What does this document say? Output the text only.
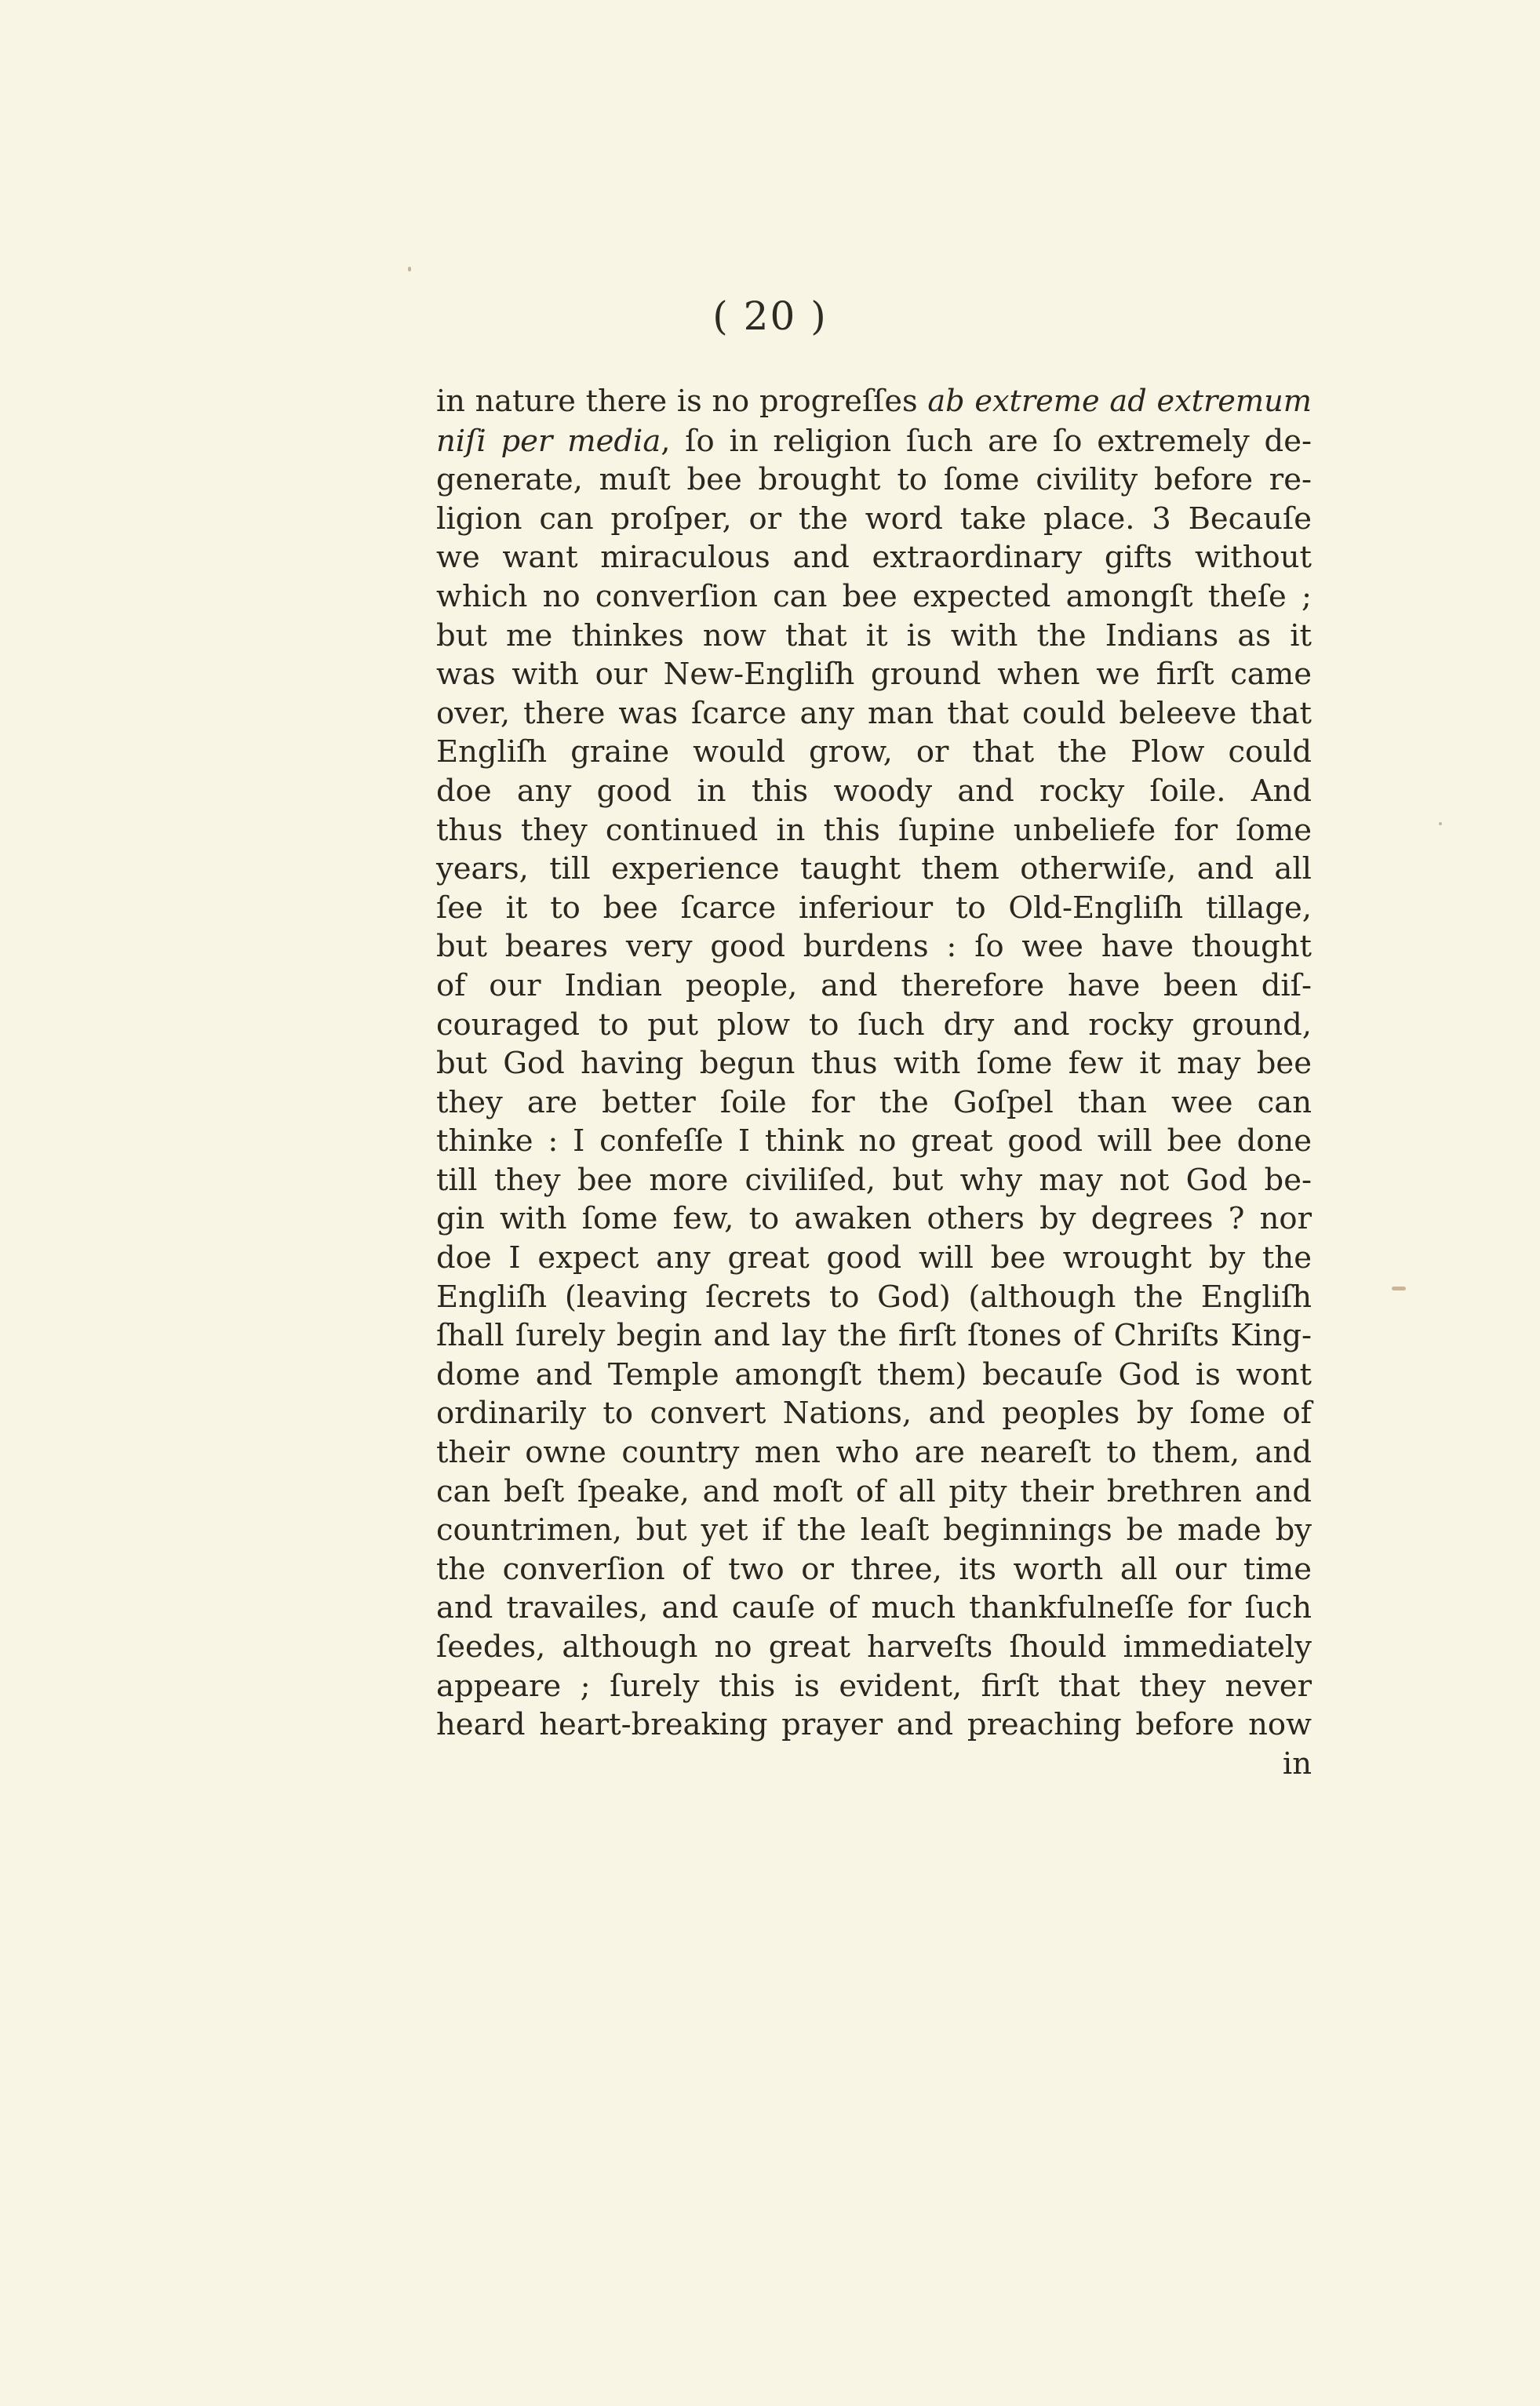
( 20 )
in nature there is no progreſſes ab extreme ad extremum
niſi per media, ſo in religion ſuch are ſo extremely de-
generate, muſt bee brought to ſome civility before re-
ligion can proſper, or the word take place. 3 Becauſe
we want miraculous and extraordinary gifts without
which no converſion can bee expected amongſt theſe ;
but me thinkes now that it is with the Indians as it
was with our New-Engliſh ground when we firſt came
over, there was ſcarce any man that could beleeve that
Engliſh graine would grow, or that the Plow could
doe any good in this woody and rocky ſoile. And
thus they continued in this ſupine unbeliefe for ſome
years, till experience taught them otherwiſe, and all
ſee it to bee ſcarce inferiour to Old-Engliſh tillage,
but beares very good burdens : ſo wee have thought
of our Indian people, and therefore have been diſ-
couraged to put plow to ſuch dry and rocky ground,
but God having begun thus with ſome few it may bee
they are better ſoile for the Goſpel than wee can
thinke : I confeſſe I think no great good will bee done
till they bee more civiliſed, but why may not God be-
gin with ſome few, to awaken others by degrees ? nor
doe I expect any great good will bee wrought by the
Engliſh (leaving ſecrets to God) (although the Engliſh
ſhall ſurely begin and lay the firſt ſtones of Chriſts King-
dome and Temple amongſt them) becauſe God is wont
ordinarily to convert Nations, and peoples by ſome of
their owne country men who are neareſt to them, and
can beſt ſpeake, and moſt of all pity their brethren and
countrimen, but yet if the leaſt beginnings be made by
the converſion of two or three, its worth all our time
and travailes, and cauſe of much thankfulneſſe for ſuch
ſeedes, although no great harveſts ſhould immediately
appeare ; ſurely this is evident, firſt that they never
heard heart-breaking prayer and preaching before now
in
